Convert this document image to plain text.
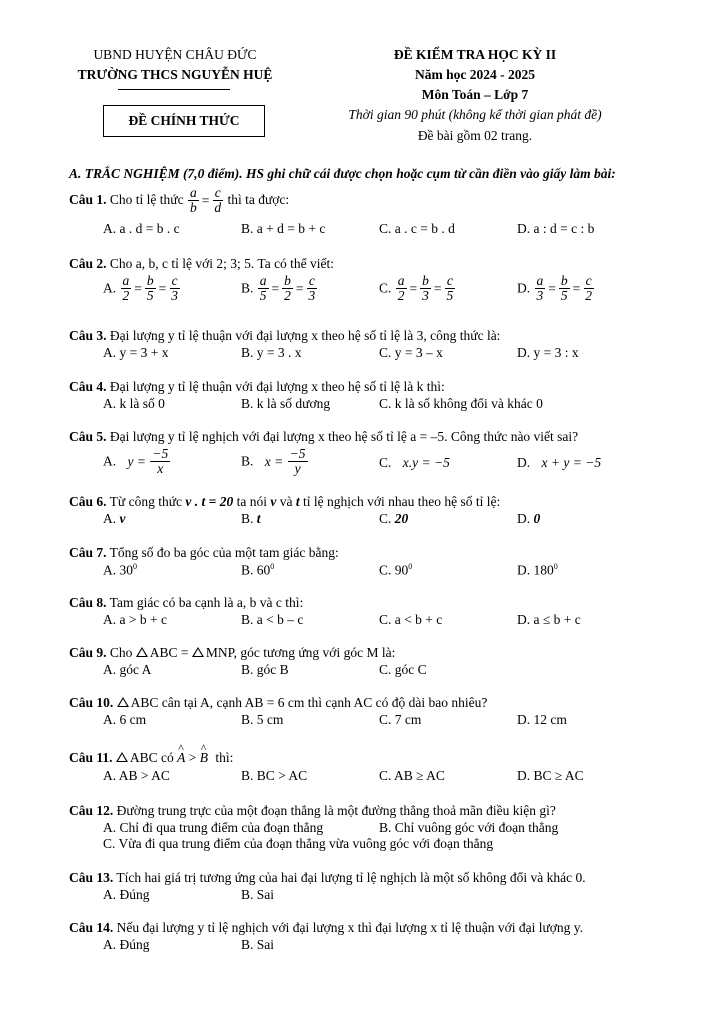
UBND HUYỆN CHÂU ĐỨC
TRƯỜNG THCS NGUYỄN HUỆ
ĐỀ CHÍNH THỨC
ĐỀ KIỂM TRA HỌC KỲ II
Năm học 2024 - 2025
Môn Toán – Lớp 7
Thời gian 90 phút (không kể thời gian phát đề)
Đề bài gồm 02 trang.
A. TRẮC NGHIỆM (7,0 điểm). HS ghi chữ cái được chọn hoặc cụm từ cần điền vào giấy làm bài:
Câu 1. Cho tỉ lệ thức $\frac{a}{b} = \frac{c}{d}$ thì ta được:
A. a . d = b . c	B. a + d = b + c	C. a . c = b . d	D. a : d = c : b
Câu 2. Cho a, b, c tỉ lệ với 2; 3; 5. Ta có thể viết:
A. $\frac{a}{2} = \frac{b}{5} = \frac{c}{3}$	B. $\frac{a}{5} = \frac{b}{2} = \frac{c}{3}$	C. $\frac{a}{2} = \frac{b}{3} = \frac{c}{5}$	D. $\frac{a}{3} = \frac{b}{5} = \frac{c}{2}$
Câu 3. Đại lượng y tỉ lệ thuận với đại lượng x theo hệ số tỉ lệ là 3, công thức là:
A. y = 3 + x	B. y = 3 . x	C. y = 3 – x	D. y = 3 : x
Câu 4. Đại lượng y tỉ lệ thuận với đại lượng x theo hệ số tỉ lệ là k thì:
A. k là số 0	B. k là số dương	C. k là số không đổi và khác 0
Câu 5. Đại lượng y tỉ lệ nghịch với đại lượng x theo hệ số tỉ lệ a = –5. Công thức nào viết sai?
A. $y = \frac{-5}{x}$	B. $x = \frac{-5}{y}$	C. x.y = −5	D. x + y = −5
Câu 6. Từ công thức v . t = 20 ta nói v và t tỉ lệ nghịch với nhau theo hệ số tỉ lệ:
A. v	B. t	C. 20	D. 0
Câu 7. Tổng số đo ba góc của một tam giác bằng:
A. $30^0$	B. $60^0$	C. $90^0$	D. $180^0$
Câu 8. Tam giác có ba cạnh là a, b và c thì:
A. a > b + c	B. a < b – c	C. a < b + c	D. a ≤ b + c
Câu 9. Cho ABC = MNP, góc tương ứng với góc M là:
A. góc A	B. góc B	C. góc C
Câu 10. ABC cân tại A, cạnh AB = 6 cm thì cạnh AC có độ dài bao nhiêu?
A. 6 cm	B. 5 cm	C. 7 cm	D. 12 cm
Câu 11. ABC có ^ A > ^ B thì:
A. AB > AC	B. BC > AC	C. AB ≥ AC	D. BC ≥ AC
Câu 12. Đường trung trực của một đoạn thẳng là một đường thẳng thoả mãn điều kiện gì?
A. Chỉ đi qua trung điểm của đoạn thẳng	B. Chỉ vuông góc với đoạn thẳng
C. Vừa đi qua trung điểm của đoạn thẳng vừa vuông góc với đoạn thẳng
Câu 13. Tích hai giá trị tương ứng của hai đại lượng tỉ lệ nghịch là một số không đổi và khác 0.
A. Đúng	B. Sai
Câu 14. Nếu đại lượng y tỉ lệ nghịch với đại lượng x thì đại lượng x tỉ lệ thuận với đại lượng y.
A. Đúng	B. Sai
